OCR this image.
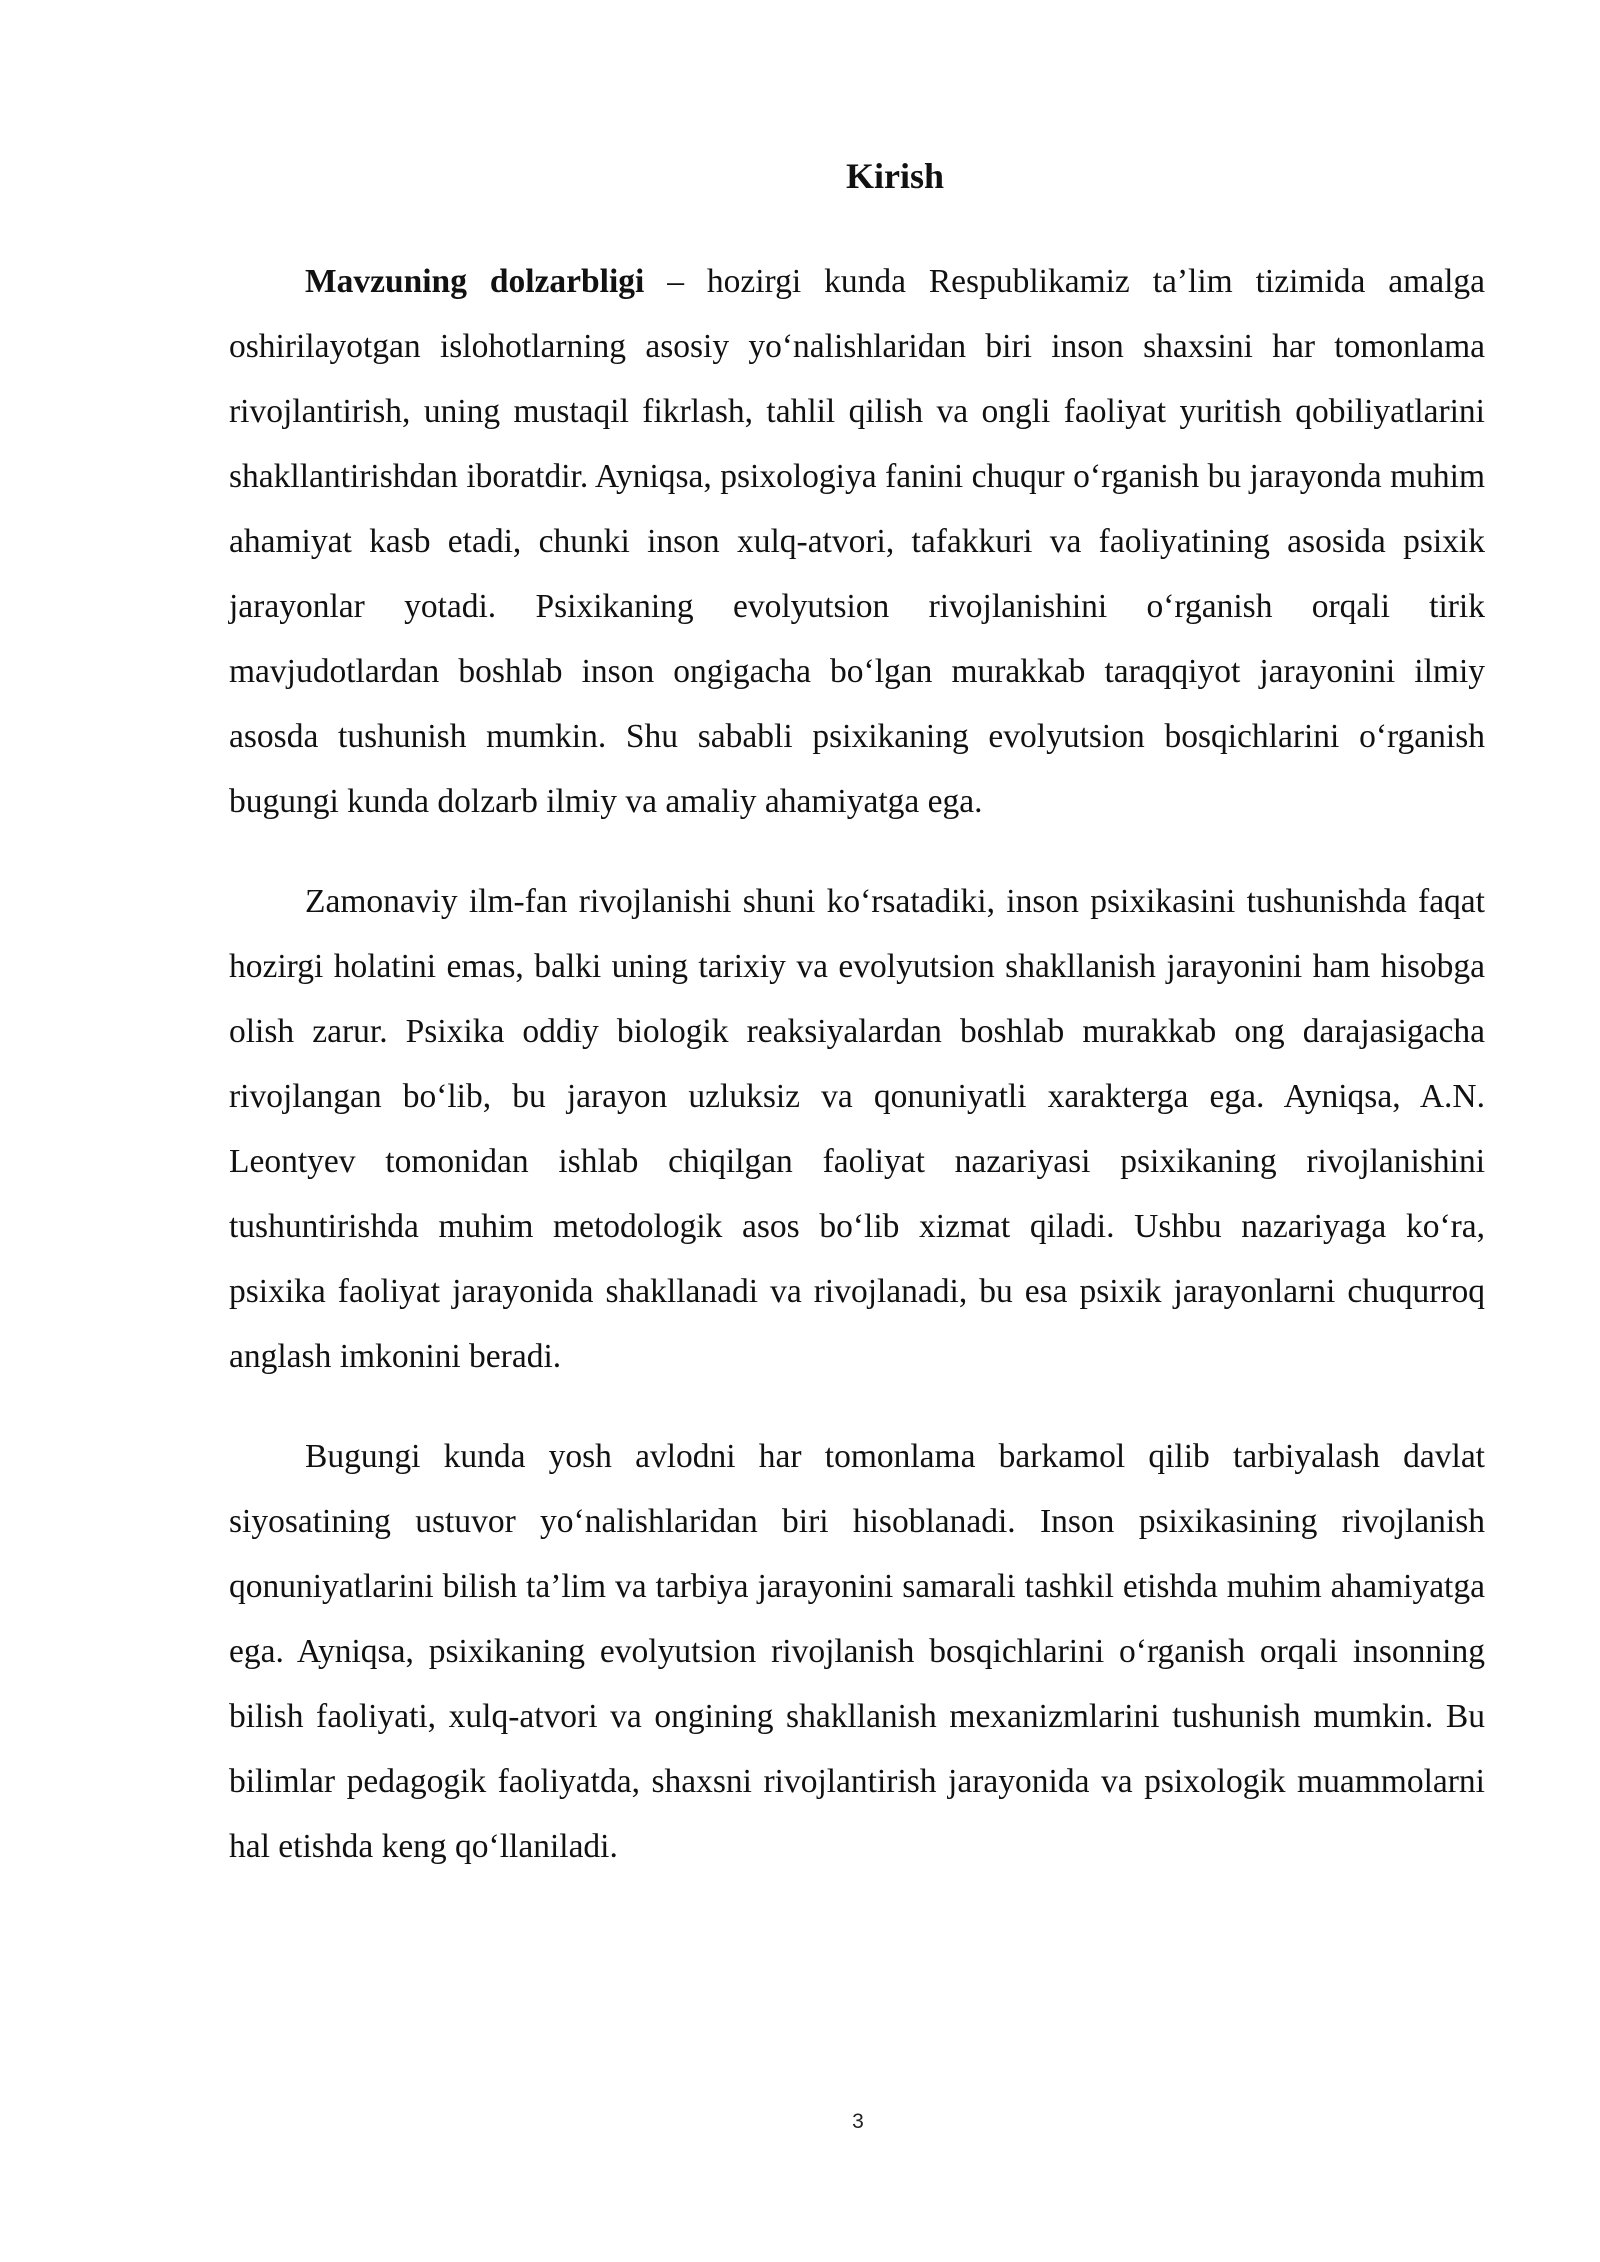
Kirish

Mavzuning dolzarbligi – hozirgi kunda Respublikamiz ta’lim tizimida amalga oshirilayotgan islohotlarning asosiy yo‘nalishlaridan biri inson shaxsini har tomonlama rivojlantirish, uning mustaqil fikrlash, tahlil qilish va ongli faoliyat yuritish qobiliyatlarini shakllantirishdan iboratdir. Ayniqsa, psixologiya fanini chuqur o‘rganish bu jarayonda muhim ahamiyat kasb etadi, chunki inson xulq-atvori, tafakkuri va faoliyatining asosida psixik jarayonlar yotadi. Psixikaning evolyutsion rivojlanishini o‘rganish orqali tirik mavjudotlardan boshlab inson ongigacha bo‘lgan murakkab taraqqiyot jarayonini ilmiy asosda tushunish mumkin. Shu sababli psixikaning evolyutsion bosqichlarini o‘rganish bugungi kunda dolzarb ilmiy va amaliy ahamiyatga ega.

Zamonaviy ilm-fan rivojlanishi shuni ko‘rsatadiki, inson psixikasini tushunishda faqat hozirgi holatini emas, balki uning tarixiy va evolyutsion shakllanish jarayonini ham hisobga olish zarur. Psixika oddiy biologik reaksiyalardan boshlab murakkab ong darajasigacha rivojlangan bo‘lib, bu jarayon uzluksiz va qonuniyatli xarakterga ega. Ayniqsa, A.N. Leontyev tomonidan ishlab chiqilgan faoliyat nazariyasi psixikaning rivojlanishini tushuntirishda muhim metodologik asos bo‘lib xizmat qiladi. Ushbu nazariyaga ko‘ra, psixika faoliyat jarayonida shakllanadi va rivojlanadi, bu esa psixik jarayonlarni chuqurroq anglash imkonini beradi.

Bugungi kunda yosh avlodni har tomonlama barkamol qilib tarbiyalash davlat siyosatining ustuvor yo‘nalishlaridan biri hisoblanadi. Inson psixikasining rivojlanish qonuniyatlarini bilish ta’lim va tarbiya jarayonini samarali tashkil etishda muhim ahamiyatga ega. Ayniqsa, psixikaning evolyutsion rivojlanish bosqichlarini o‘rganish orqali insonning bilish faoliyati, xulq-atvori va ongining shakllanish mexanizmlarini tushunish mumkin. Bu bilimlar pedagogik faoliyatda, shaxsni rivojlantirish jarayonida va psixologik muammolarni hal etishda keng qo‘llaniladi.

3
